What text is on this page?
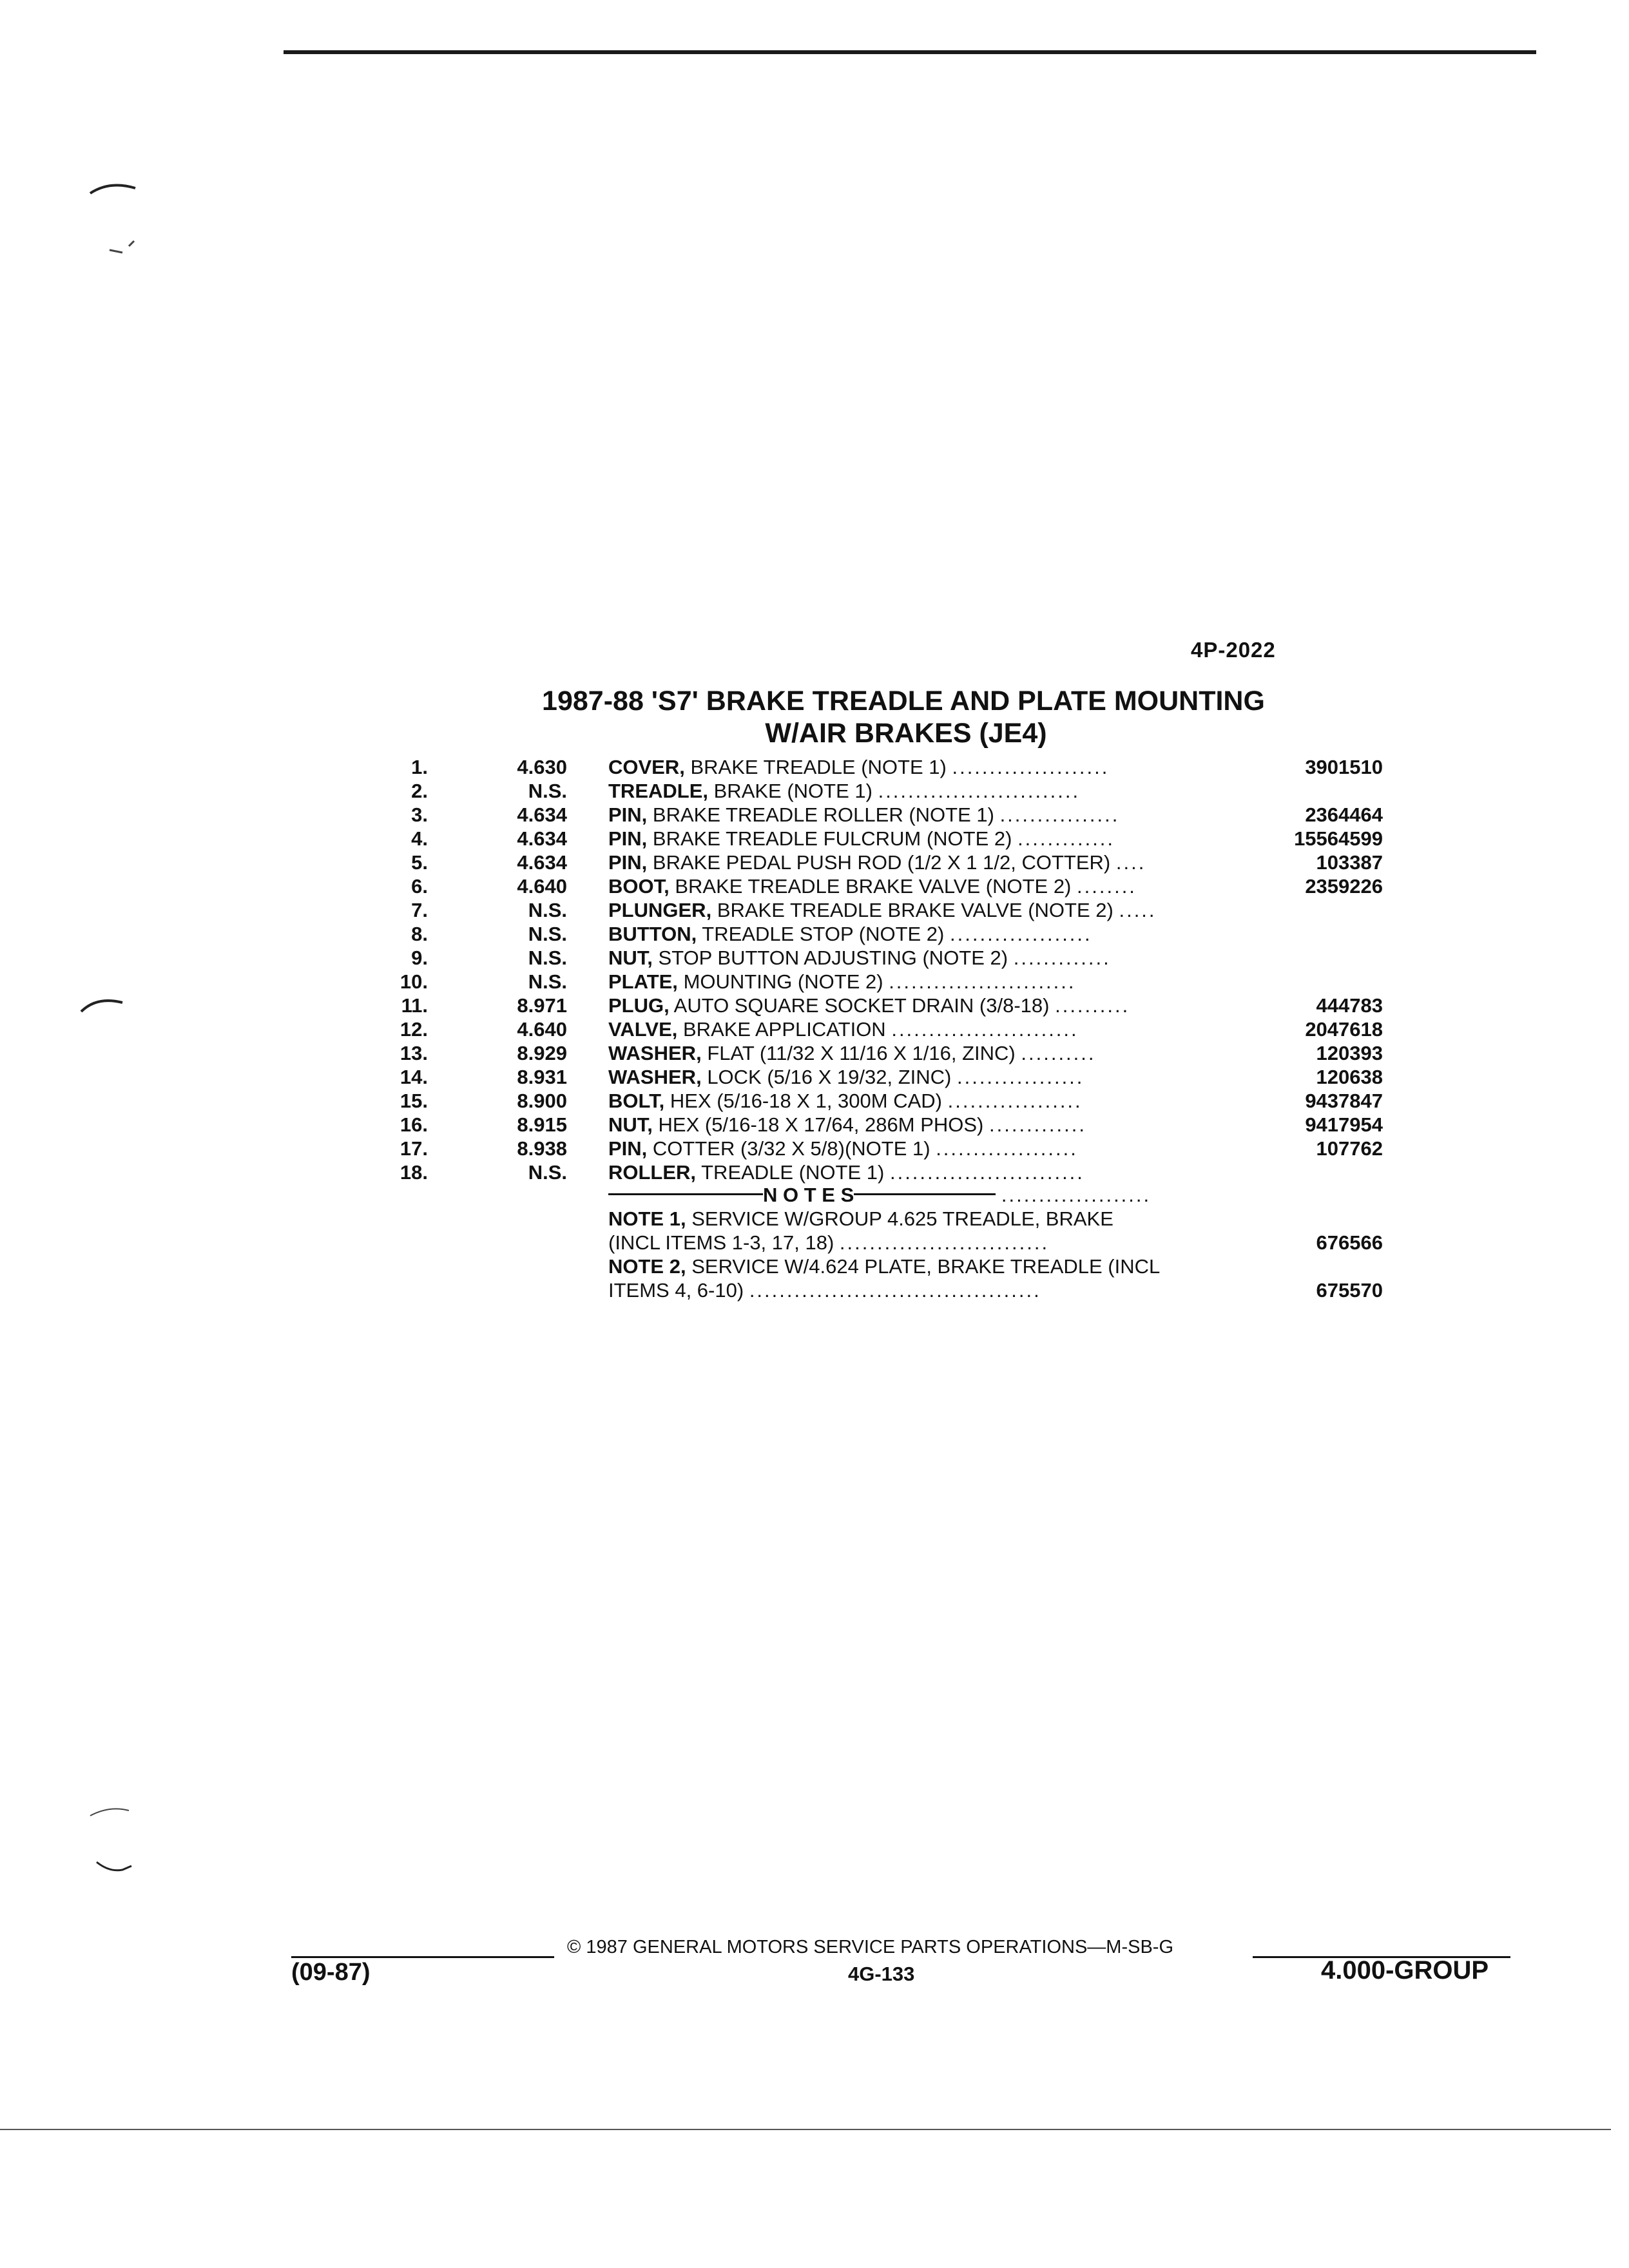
4P-2022
1987-88 'S7' BRAKE TREADLE AND PLATE MOUNTING
W/AIR BRAKES (JE4)
1.	4.630 COVER, BRAKE TREADLE (NOTE 1) .....................	3901510
2.	N.S. TREADLE, BRAKE (NOTE 1) ...........................
3.	4.634 PIN, BRAKE TREADLE ROLLER (NOTE 1) ................	2364464
4.	4.634 PIN, BRAKE TREADLE FULCRUM (NOTE 2) .............	15564599
5.	4.634 PIN, BRAKE PEDAL PUSH ROD (1/2 X 1 1/2, COTTER) ....	103387
6.	4.640 BOOT, BRAKE TREADLE BRAKE VALVE (NOTE 2) ........	2359226
7.	N.S. PLUNGER, BRAKE TREADLE BRAKE VALVE (NOTE 2) .....
8.	N.S. BUTTON, TREADLE STOP (NOTE 2) ...................
9.	N.S. NUT, STOP BUTTON ADJUSTING (NOTE 2) .............
10.	N.S. PLATE, MOUNTING (NOTE 2) .........................
11.	8.971 PLUG, AUTO SQUARE SOCKET DRAIN (3/8-18) ..........	444783
12.	4.640 VALVE, BRAKE APPLICATION .........................	2047618
13.	8.929 WASHER, FLAT (11/32 X 11/16 X 1/16, ZINC) ..........	120393
14.	8.931 WASHER, LOCK (5/16 X 19/32, ZINC) .................	120638
15.	8.900 BOLT, HEX (5/16-18 X 1, 300M CAD) ..................	9437847
16.	8.915 NUT, HEX (5/16-18 X 17/64, 286M PHOS) .............	9417954
17.	8.938 PIN, COTTER (3/32 X 5/8)(NOTE 1) ...................	107762
18.	N.S. ROLLER, TREADLE (NOTE 1) ..........................
N O T E S	....................
NOTE 1, SERVICE W/GROUP 4.625 TREADLE, BRAKE
(INCL ITEMS 1-3, 17, 18) ............................	676566
NOTE 2, SERVICE W/4.624 PLATE, BRAKE TREADLE (INCL
ITEMS 4, 6-10) .......................................	675570
© 1987 GENERAL MOTORS SERVICE PARTS OPERATIONS—M-SB-G
(09-87)	4G-133	4.000-GROUP
